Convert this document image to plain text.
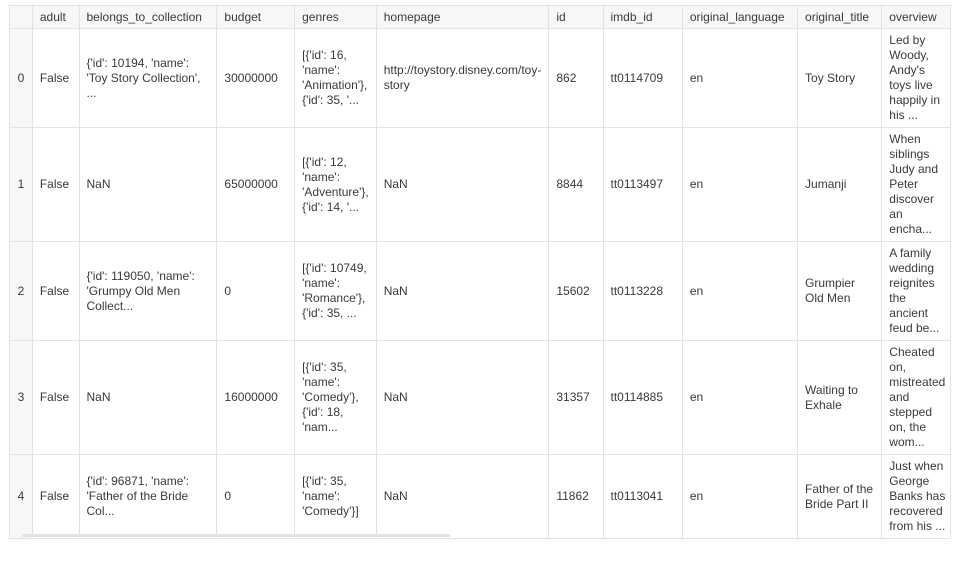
	adult	belongs_to_collection	budget	genres	homepage	id	imdb_id	original_language	original_title	overview
0	False	{'id': 10194, 'name': 'Toy Story Collection', ...	30000000	[{'id': 16, 'name': 'Animation'}, {'id': 35, '...	http://toystory.disney.com/toy-story	862	tt0114709	en	Toy Story	Led by Woody, Andy's toys live happily in his ...

1	False	NaN	65000000	[{'id': 12, 'name': 'Adventure'}, {'id': 14, '...	NaN	8844	tt0113497	en	Jumanji	When siblings Judy and Peter discover an encha...

2	False	{'id': 119050, 'name': 'Grumpy Old Men Collect...	0	[{'id': 10749, 'name': 'Romance'}, {'id': 35, ...	NaN	15602	tt0113228	en	Grumpier Old Men	A family wedding reignites the ancient feud be...

3	False	NaN	16000000	[{'id': 35, 'name': 'Comedy'}, {'id': 18, 'nam...	NaN	31357	tt0114885	en	Waiting to Exhale	Cheated on, mistreated and stepped on, the wom...

4	False	{'id': 96871, 'name': 'Father of the Bride Col...	0	[{'id': 35, 'name': 'Comedy'}]	NaN	11862	tt0113041	en	Father of the Bride Part II	Just when George Banks has recovered from his ...
